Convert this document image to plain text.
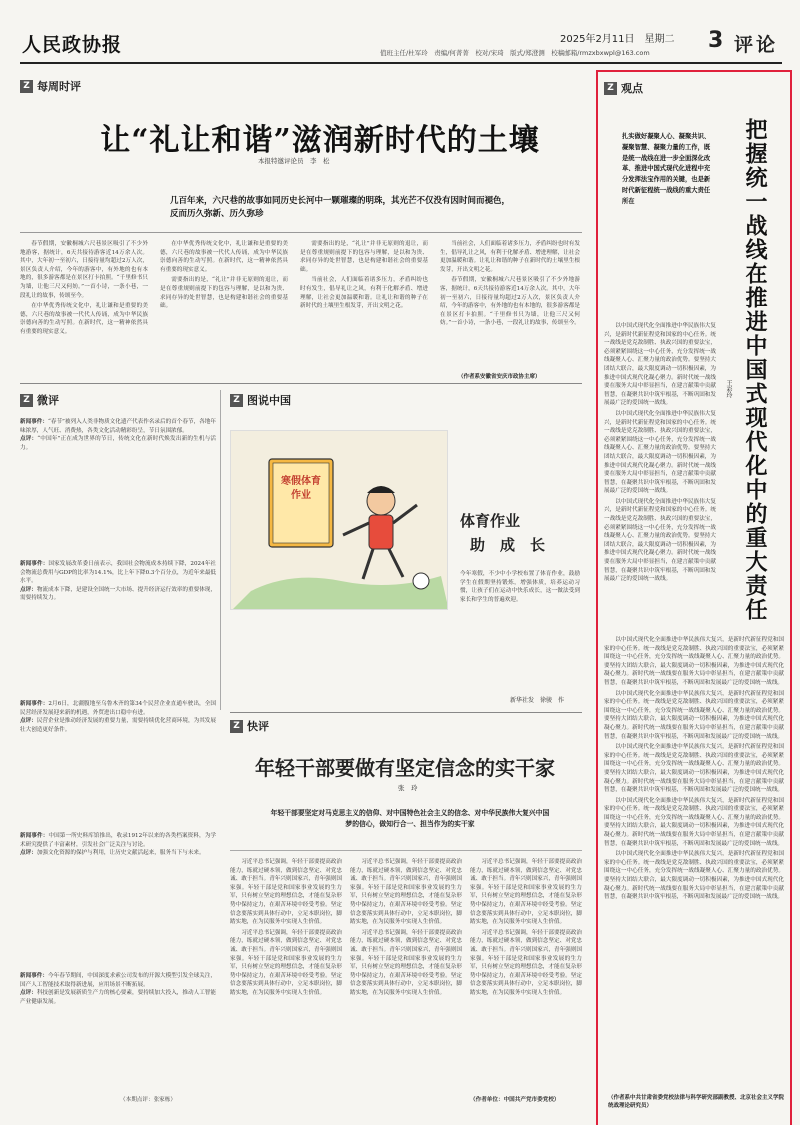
人民政协报	2025年2月11日　星期二
值班主任/杜军玲　责编/何菁菁　校对/宋琦　版式/郑澄测　校稿邮箱/rmzxbxwpl@163.com	3 评论
Z 每周时评
让“礼让和谐”滋润新时代的土壤
本报特邀评论员　李　松
几百年来，六尺巷的故事如同历史长河中一颗璀璨的明珠，其光芒不仅没有因时间而褪色，反而历久弥新、历久弥珍

春节假期，安徽桐城六尺巷景区吸引了不少外地游客，据统计，6天共接待游客近14万余人次。其中，大年初一至初六，日接待量均超过2万人次，景区负责人介绍，今年的游客中，有外地的也有本地的，很多游客都是在景区打卡拍照。“千里修书只为墙，让他三尺又何妨。”一首小诗，一条小巷，一段礼让的故事，传颂至今。

在中华优秀传统文化中，礼让谦和是重要的美德，六尺巷的故事被一代代人传诵，成为中华民族崇德向善的生动写照。在新时代，这一精神依然具有重要的现实意义。

在中华优秀传统文化中，礼让谦和是重要的美德，六尺巷的故事被一代代人传诵，成为中华民族崇德向善的生动写照。在新时代，这一精神依然具有重要的现实意义。

需要指出的是，“礼让”并非无原则的退让，而是在尊重规则前提下的包容与理解，是以和为贵、求同存异的处世智慧，也是构建和谐社会的重要基础。

需要指出的是，“礼让”并非无原则的退让，而是在尊重规则前提下的包容与理解，是以和为贵、求同存异的处世智慧，也是构建和谐社会的重要基础。

当前社会，人们面临着诸多压力，矛盾纠纷也时有发生，倡导礼让之风，有利于化解矛盾、增进理解，让社会更加温暖和谐。让礼让和谐的种子在新时代的土壤里生根发芽，开出文明之花。

当前社会，人们面临着诸多压力，矛盾纠纷也时有发生，倡导礼让之风，有利于化解矛盾、增进理解，让社会更加温暖和谐。让礼让和谐的种子在新时代的土壤里生根发芽，开出文明之花。

春节假期，安徽桐城六尺巷景区吸引了不少外地游客，据统计，6天共接待游客近14万余人次。其中，大年初一至初六，日接待量均超过2万人次，景区负责人介绍，今年的游客中，有外地的也有本地的，很多游客都是在景区打卡拍照。“千里修书只为墙，让他三尺又何妨。”一首小诗，一条小巷，一段礼让的故事，传颂至今。

（作者系安徽省安庆市政协主席）
Z 微评

新闻事件：“春节”被列入人类非物质文化遗产代表作名录后的首个春节，各地年味浓厚，人气旺、消费热，各类文化活动精彩纷呈，节日氛围浓郁。

点评：“中国年”正在成为世界的节日，传统文化在新时代焕发出新的生机与活力。

新闻事件：国家发展改革委日前表示，我国社会物流成本持续下降，2024年社会物流总费用与GDP的比率为14.1%，比上年下降0.3个百分点，为近年来最低水平。

点评：物流成本下降，是建设全国统一大市场、提升经济运行效率的重要体现，需要持续发力。

新闻事件：2月6日，北疆腹地至乌鲁木齐的第34个民营企业直通车驶出，全国民营经济发展迎来新的机遇，外贸进出口稳中有进。

点评：民营企业是推动经济发展的重要力量，需要持续优化营商环境，为其发展壮大创造更好条件。

新闻事件：中国第一所史料库馆推出，收录1912年以来的各类档案资料，为学术研究提供了丰富素材，引发社会广泛关注与讨论。

点评：加强文化资源的保护与利用，让历史文献活起来，服务当下与未来。

新闻事件：今年春节期间，中国深度求索公司发布的开源大模型引发全球关注，国产人工智能技术取得新进展，应用场景不断拓展。

点评：科技创新是发展新质生产力的核心要素，要持续加大投入，推动人工智能产业健康发展。

（本期点评：张家栋）
Z 图说中国
寒假体育作业
体育作业
助　成　长
今年寒假，不少中小学校布置了体育作业，鼓励学生在假期坚持锻炼，增强体质，培养运动习惯，让孩子们在运动中快乐成长，这一做法受到家长和学生的普遍欢迎。
新华社发　徐骏　作
Z 快评
年轻干部要做有坚定信念的实干家
张　玲
年轻干部要坚定对马克思主义的信仰、对中国特色社会主义的信念、对中华民族伟大复兴中国梦的信心，做知行合一、担当作为的实干家

习近平总书记强调，年轻干部要提高政治能力，练就过硬本领，做到信念坚定、对党忠诚、敢于担当。青年兴则国家兴，青年强则国家强。年轻干部是党和国家事业发展的生力军，只有树立坚定的理想信念，才能在复杂形势中保持定力，在艰苦环境中经受考验。坚定信念要落实到具体行动中，立足本职岗位，脚踏实地，在为民服务中实现人生价值。

习近平总书记强调，年轻干部要提高政治能力，练就过硬本领，做到信念坚定、对党忠诚、敢于担当。青年兴则国家兴，青年强则国家强。年轻干部是党和国家事业发展的生力军，只有树立坚定的理想信念，才能在复杂形势中保持定力，在艰苦环境中经受考验。坚定信念要落实到具体行动中，立足本职岗位，脚踏实地，在为民服务中实现人生价值。

习近平总书记强调，年轻干部要提高政治能力，练就过硬本领，做到信念坚定、对党忠诚、敢于担当。青年兴则国家兴，青年强则国家强。年轻干部是党和国家事业发展的生力军，只有树立坚定的理想信念，才能在复杂形势中保持定力，在艰苦环境中经受考验。坚定信念要落实到具体行动中，立足本职岗位，脚踏实地，在为民服务中实现人生价值。

习近平总书记强调，年轻干部要提高政治能力，练就过硬本领，做到信念坚定、对党忠诚、敢于担当。青年兴则国家兴，青年强则国家强。年轻干部是党和国家事业发展的生力军，只有树立坚定的理想信念，才能在复杂形势中保持定力，在艰苦环境中经受考验。坚定信念要落实到具体行动中，立足本职岗位，脚踏实地，在为民服务中实现人生价值。

习近平总书记强调，年轻干部要提高政治能力，练就过硬本领，做到信念坚定、对党忠诚、敢于担当。青年兴则国家兴，青年强则国家强。年轻干部是党和国家事业发展的生力军，只有树立坚定的理想信念，才能在复杂形势中保持定力，在艰苦环境中经受考验。坚定信念要落实到具体行动中，立足本职岗位，脚踏实地，在为民服务中实现人生价值。

习近平总书记强调，年轻干部要提高政治能力，练就过硬本领，做到信念坚定、对党忠诚、敢于担当。青年兴则国家兴，青年强则国家强。年轻干部是党和国家事业发展的生力军，只有树立坚定的理想信念，才能在复杂形势中保持定力，在艰苦环境中经受考验。坚定信念要落实到具体行动中，立足本职岗位，脚踏实地，在为民服务中实现人生价值。

（作者单位：中国共产党市委党校）
Z 观点
把握统一战线在推进中国式现代化中的重大责任
王彩玲
扎实做好凝聚人心、凝聚共识、凝聚智慧、凝聚力量的工作，既是统一战线在进一步全面深化改革、推进中国式现代化进程中充分发挥法宝作用的关键，也是新时代新征程统一战线的重大责任所在

以中国式现代化全面推进中华民族伟大复兴，是新时代新征程党和国家的中心任务。统一战线是党克敌制胜、执政兴国的重要法宝，必须紧紧围绕这一中心任务，充分发挥统一战线凝聚人心、汇聚力量的政治优势。要坚持大团结大联合，最大限度调动一切积极因素，为推进中国式现代化凝心聚力。新时代统一战线要在服务大局中彰显担当，在建言献策中贡献智慧，在凝聚共识中筑牢根基，不断巩固和发展最广泛的爱国统一战线。

以中国式现代化全面推进中华民族伟大复兴，是新时代新征程党和国家的中心任务。统一战线是党克敌制胜、执政兴国的重要法宝，必须紧紧围绕这一中心任务，充分发挥统一战线凝聚人心、汇聚力量的政治优势。要坚持大团结大联合，最大限度调动一切积极因素，为推进中国式现代化凝心聚力。新时代统一战线要在服务大局中彰显担当，在建言献策中贡献智慧，在凝聚共识中筑牢根基，不断巩固和发展最广泛的爱国统一战线。

以中国式现代化全面推进中华民族伟大复兴，是新时代新征程党和国家的中心任务。统一战线是党克敌制胜、执政兴国的重要法宝，必须紧紧围绕这一中心任务，充分发挥统一战线凝聚人心、汇聚力量的政治优势。要坚持大团结大联合，最大限度调动一切积极因素，为推进中国式现代化凝心聚力。新时代统一战线要在服务大局中彰显担当，在建言献策中贡献智慧，在凝聚共识中筑牢根基，不断巩固和发展最广泛的爱国统一战线。

以中国式现代化全面推进中华民族伟大复兴，是新时代新征程党和国家的中心任务。统一战线是党克敌制胜、执政兴国的重要法宝，必须紧紧围绕这一中心任务，充分发挥统一战线凝聚人心、汇聚力量的政治优势。要坚持大团结大联合，最大限度调动一切积极因素，为推进中国式现代化凝心聚力。新时代统一战线要在服务大局中彰显担当，在建言献策中贡献智慧，在凝聚共识中筑牢根基，不断巩固和发展最广泛的爱国统一战线。

以中国式现代化全面推进中华民族伟大复兴，是新时代新征程党和国家的中心任务。统一战线是党克敌制胜、执政兴国的重要法宝，必须紧紧围绕这一中心任务，充分发挥统一战线凝聚人心、汇聚力量的政治优势。要坚持大团结大联合，最大限度调动一切积极因素，为推进中国式现代化凝心聚力。新时代统一战线要在服务大局中彰显担当，在建言献策中贡献智慧，在凝聚共识中筑牢根基，不断巩固和发展最广泛的爱国统一战线。

以中国式现代化全面推进中华民族伟大复兴，是新时代新征程党和国家的中心任务。统一战线是党克敌制胜、执政兴国的重要法宝，必须紧紧围绕这一中心任务，充分发挥统一战线凝聚人心、汇聚力量的政治优势。要坚持大团结大联合，最大限度调动一切积极因素，为推进中国式现代化凝心聚力。新时代统一战线要在服务大局中彰显担当，在建言献策中贡献智慧，在凝聚共识中筑牢根基，不断巩固和发展最广泛的爱国统一战线。

以中国式现代化全面推进中华民族伟大复兴，是新时代新征程党和国家的中心任务。统一战线是党克敌制胜、执政兴国的重要法宝，必须紧紧围绕这一中心任务，充分发挥统一战线凝聚人心、汇聚力量的政治优势。要坚持大团结大联合，最大限度调动一切积极因素，为推进中国式现代化凝心聚力。新时代统一战线要在服务大局中彰显担当，在建言献策中贡献智慧，在凝聚共识中筑牢根基，不断巩固和发展最广泛的爱国统一战线。

以中国式现代化全面推进中华民族伟大复兴，是新时代新征程党和国家的中心任务。统一战线是党克敌制胜、执政兴国的重要法宝，必须紧紧围绕这一中心任务，充分发挥统一战线凝聚人心、汇聚力量的政治优势。要坚持大团结大联合，最大限度调动一切积极因素，为推进中国式现代化凝心聚力。新时代统一战线要在服务大局中彰显担当，在建言献策中贡献智慧，在凝聚共识中筑牢根基，不断巩固和发展最广泛的爱国统一战线。

（作者系中共甘肃省委党校法律与科学研究部副教授、北京社会主义学院统战理论研究员）
